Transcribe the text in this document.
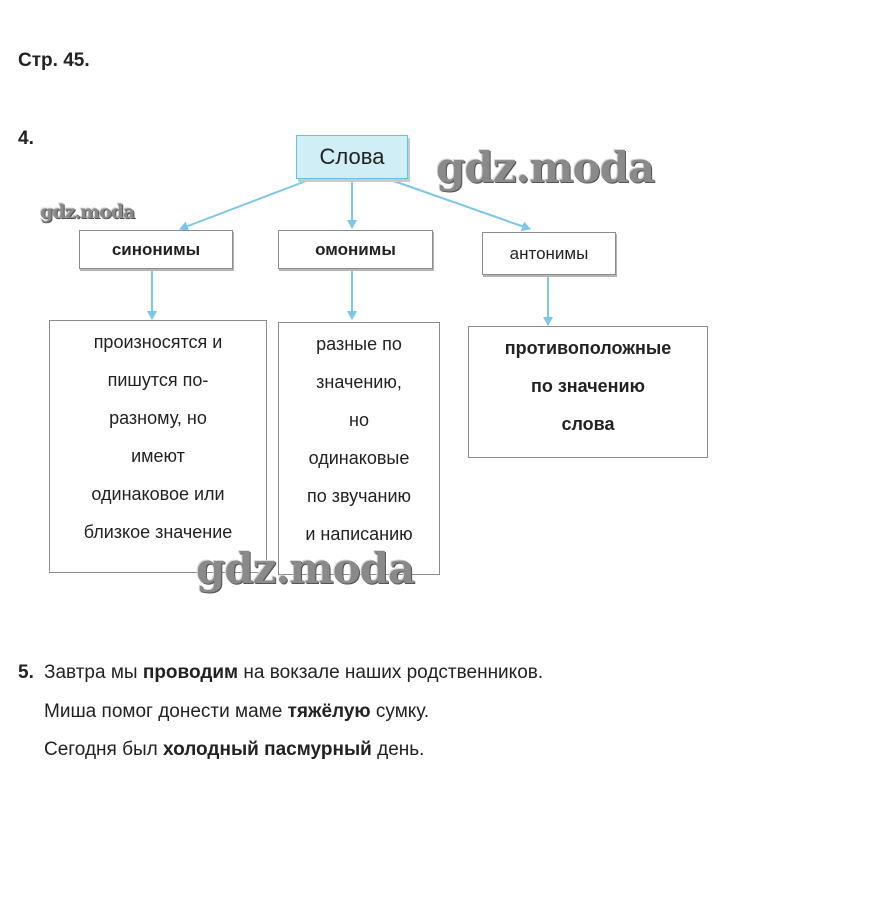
Стр. 45.
4.
Слова
синонимы	омонимы	антонимы
произносятся и
пишутся по-
разному, но
имеют
одинаковое или
близкое значение
разные по
значению,
но
одинаковые
по звучанию
и написанию
противоположные
по значению
слова
gdz.moda
gdz.moda
gdz.moda
5. Завтра мы проводим на вокзале наших родственников.
Миша помог донести маме тяжёлую сумку.
Сегодня был холодный пасмурный день.
